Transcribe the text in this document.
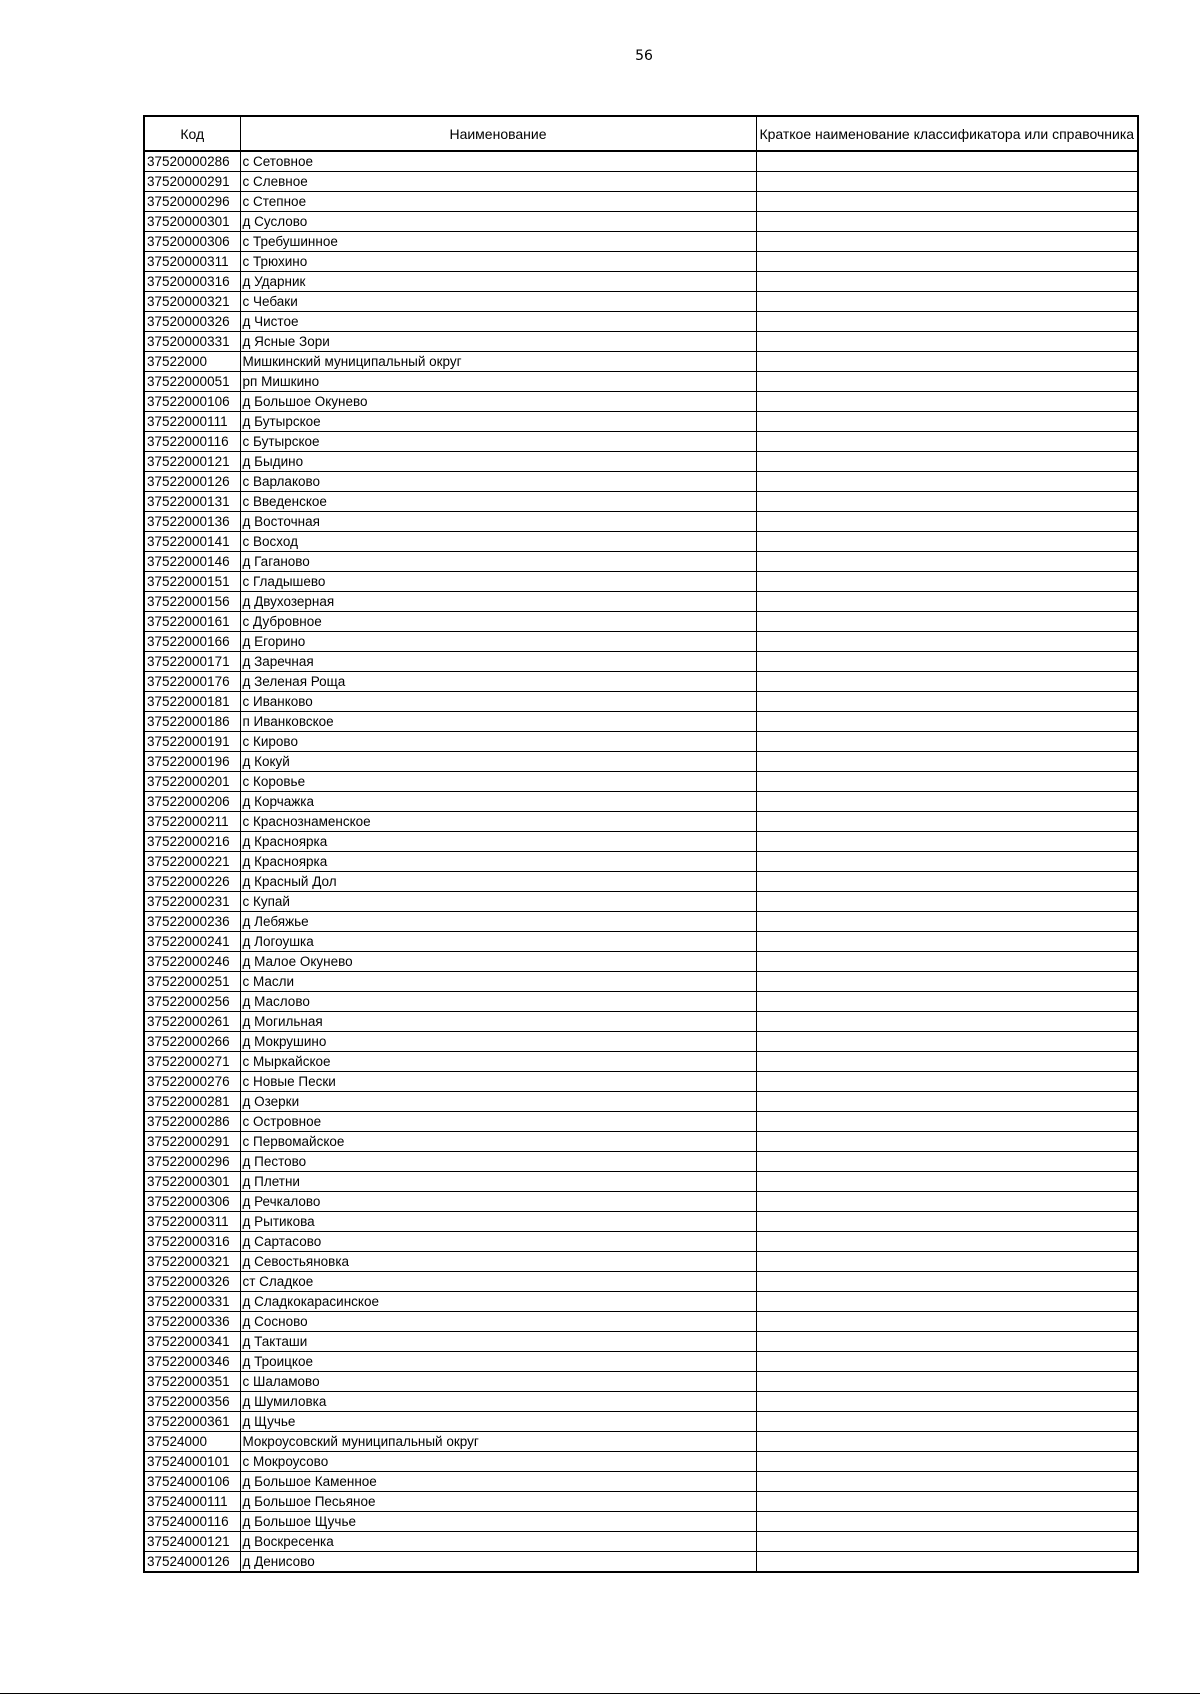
56
Код	Наименование	Краткое наименование классификатора или справочника
37520000286	с Сетовное	
37520000291	с Слевное	
37520000296	с Степное	
37520000301	д Суслово	
37520000306	с Требушинное	
37520000311	с Трюхино	
37520000316	д Ударник	
37520000321	с Чебаки	
37520000326	д Чистое	
37520000331	д Ясные Зори	
37522000	Мишкинский муниципальный округ	
37522000051	рп Мишкино	
37522000106	д Большое Окунево	
37522000111	д Бутырское	
37522000116	с Бутырское	
37522000121	д Быдино	
37522000126	с Варлаково	
37522000131	с Введенское	
37522000136	д Восточная	
37522000141	с Восход	
37522000146	д Гаганово	
37522000151	с Гладышево	
37522000156	д Двухозерная	
37522000161	с Дубровное	
37522000166	д Егорино	
37522000171	д Заречная	
37522000176	д Зеленая Роща	
37522000181	с Иванково	
37522000186	п Иванковское	
37522000191	с Кирово	
37522000196	д Кокуй	
37522000201	с Коровье	
37522000206	д Корчажка	
37522000211	с Краснознаменское	
37522000216	д Красноярка	
37522000221	д Красноярка	
37522000226	д Красный Дол	
37522000231	с Купай	
37522000236	д Лебяжье	
37522000241	д Логоушка	
37522000246	д Малое Окунево	
37522000251	с Масли	
37522000256	д Маслово	
37522000261	д Могильная	
37522000266	д Мокрушино	
37522000271	с Мыркайское	
37522000276	с Новые Пески	
37522000281	д Озерки	
37522000286	с Островное	
37522000291	с Первомайское	
37522000296	д Пестово	
37522000301	д Плетни	
37522000306	д Речкалово	
37522000311	д Рытикова	
37522000316	д Сартасово	
37522000321	д Севостьяновка	
37522000326	ст Сладкое	
37522000331	д Сладкокарасинское	
37522000336	д Сосново	
37522000341	д Такташи	
37522000346	д Троицкое	
37522000351	с Шаламово	
37522000356	д Шумиловка	
37522000361	д Щучье	
37524000	Мокроусовский муниципальный округ	
37524000101	с Мокроусово	
37524000106	д Большое Каменное	
37524000111	д Большое Песьяное	
37524000116	д Большое Щучье	
37524000121	д Воскресенка	
37524000126	д Денисово	
